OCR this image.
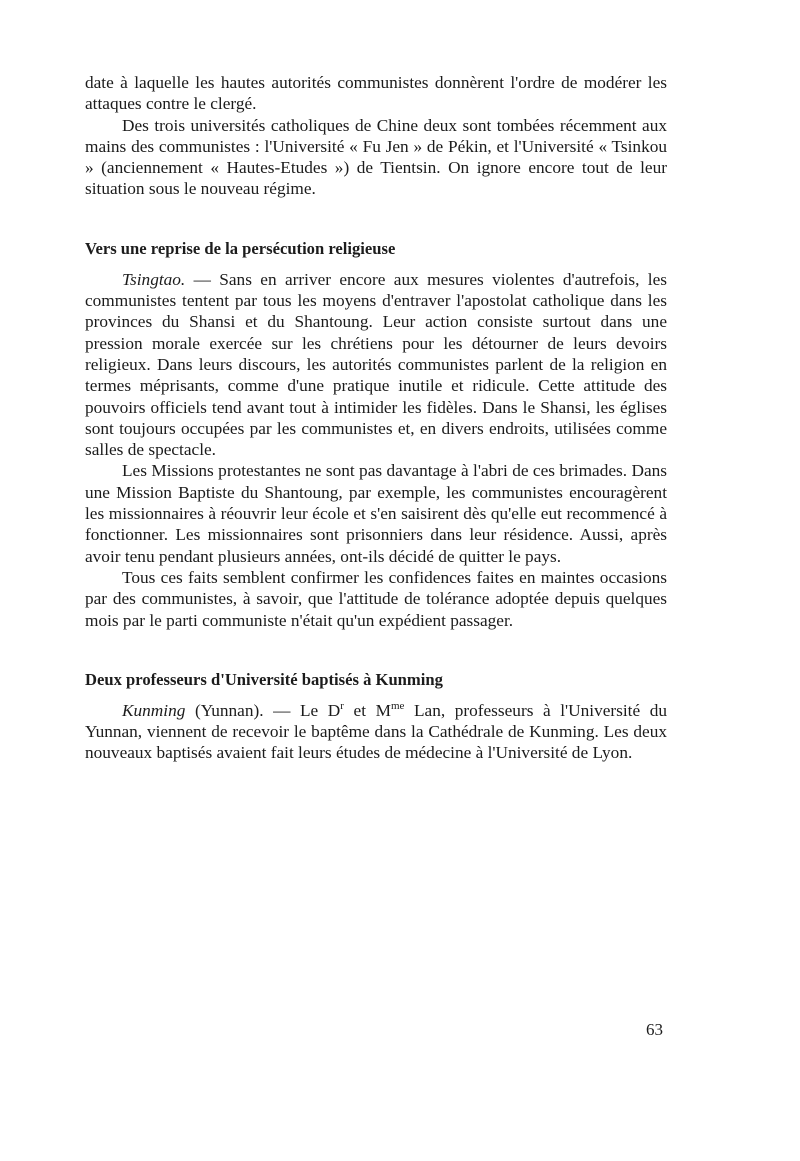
date à laquelle les hautes autorités communistes donnèrent l'ordre de modérer les attaques contre le clergé.

Des trois universités catholiques de Chine deux sont tombées récemment aux mains des communistes : l'Université « Fu Jen » de Pékin, et l'Université « Tsinkou » (anciennement « Hautes-Etudes ») de Tientsin. On ignore encore tout de leur situation sous le nouveau régime.

Vers une reprise de la persécution religieuse

Tsingtao. — Sans en arriver encore aux mesures violentes d'autrefois, les communistes tentent par tous les moyens d'entraver l'apostolat catholique dans les provinces du Shansi et du Shantoung. Leur action consiste surtout dans une pression morale exercée sur les chrétiens pour les détourner de leurs devoirs religieux. Dans leurs discours, les autorités communistes parlent de la religion en termes méprisants, comme d'une pratique inutile et ridicule. Cette attitude des pouvoirs officiels tend avant tout à intimider les fidèles. Dans le Shansi, les églises sont toujours occupées par les communistes et, en divers endroits, utilisées comme salles de spectacle.

Les Missions protestantes ne sont pas davantage à l'abri de ces brimades. Dans une Mission Baptiste du Shantoung, par exemple, les communistes encouragèrent les missionnaires à réouvrir leur école et s'en saisirent dès qu'elle eut recommencé à fonctionner. Les missionnaires sont prisonniers dans leur résidence. Aussi, après avoir tenu pendant plusieurs années, ont-ils décidé de quitter le pays.

Tous ces faits semblent confirmer les confidences faites en maintes occasions par des communistes, à savoir, que l'attitude de tolérance adoptée depuis quelques mois par le parti communiste n'était qu'un expédient passager.

Deux professeurs d'Université baptisés à Kunming

Kunming (Yunnan). — Le $D^r$ et $M^{me}$ Lan, professeurs à l'Université du Yunnan, viennent de recevoir le baptême dans la Cathédrale de Kunming. Les deux nouveaux baptisés avaient fait leurs études de médecine à l'Université de Lyon.

63
